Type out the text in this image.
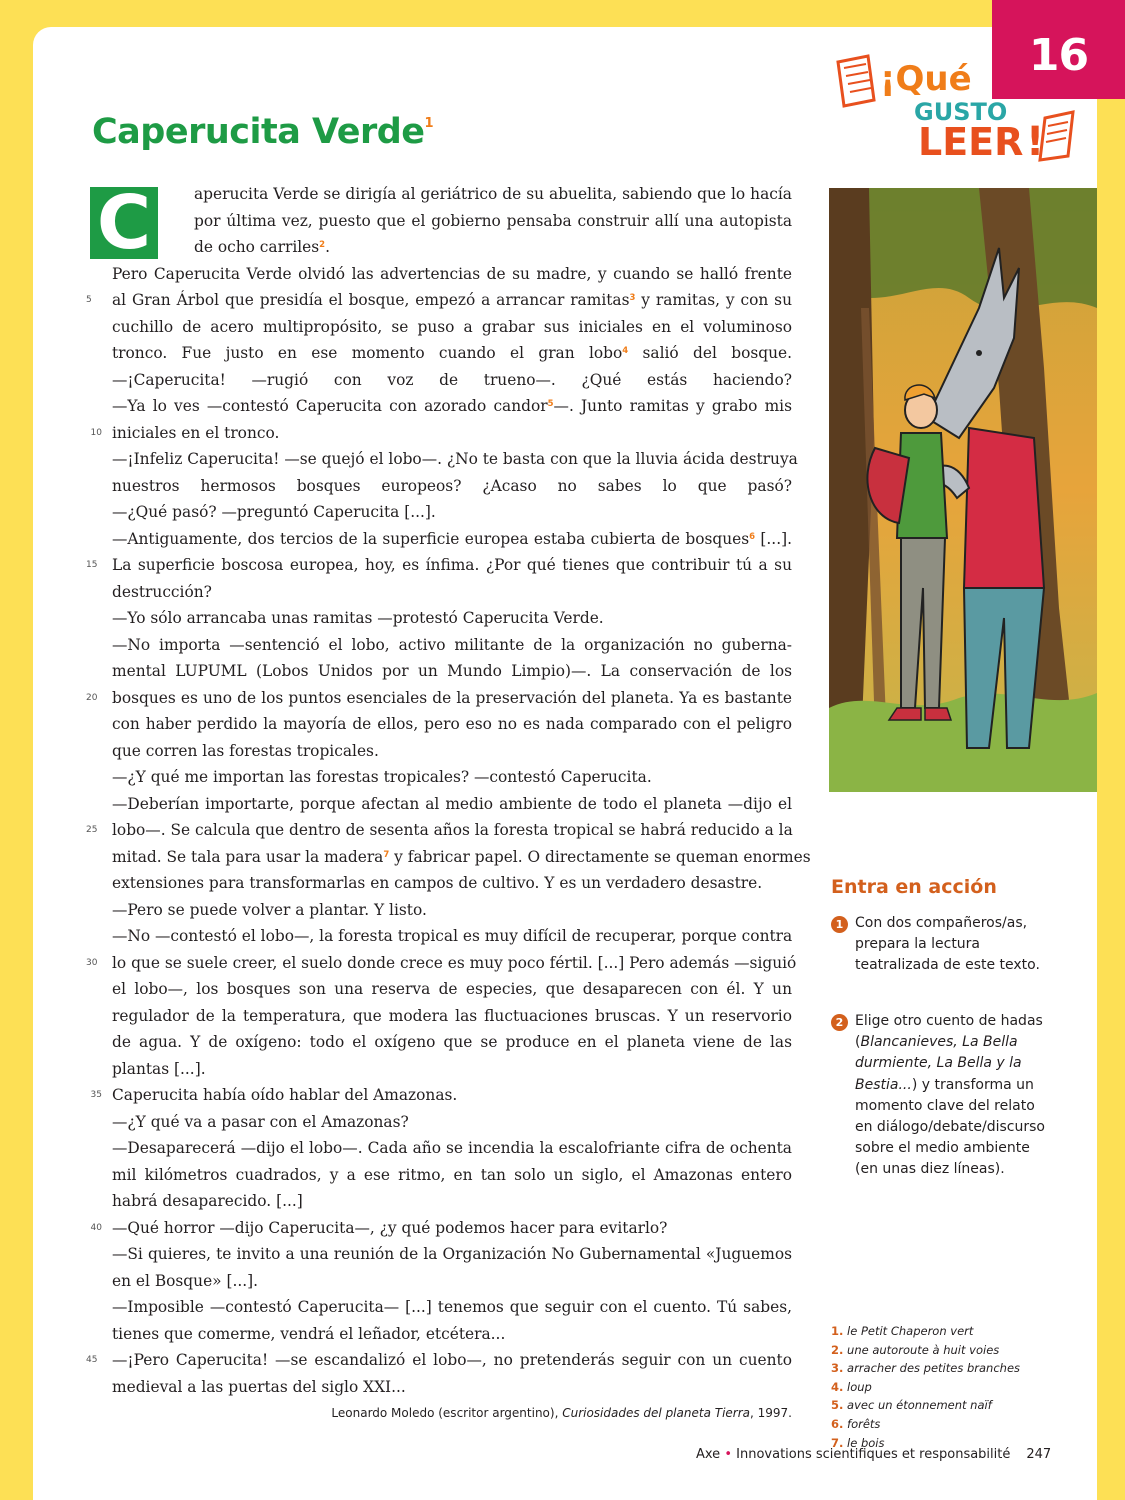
16
¡Qué
GUSTO
LEER !
Caperucita Verde$^1$
C	aperucita Verde se dirigía al geriátrico de su abuelita, sabiendo que lo hacía
por última vez, puesto que el gobierno pensaba construir allí una autopista
de ocho carriles$^2$.
Pero Caperucita Verde olvidó las advertencias de su madre, y cuando se halló frente
5	al Gran Árbol que presidía el bosque, empezó a arrancar ramitas$^3$ y ramitas, y con su
cuchillo de acero multipropósito, se puso a grabar sus iniciales en el voluminoso
tronco. Fue justo en ese momento cuando el gran lobo$^4$ salió del bosque.
—¡Caperucita! —rugió con voz de trueno—. ¿Qué estás haciendo?
—Ya lo ves —contestó Caperucita con azorado candor$^5$—. Junto ramitas y grabo mis
10 iniciales en el tronco.
—¡Infeliz Caperucita! —se quejó el lobo—. ¿No te basta con que la lluvia ácida destruya
nuestros hermosos bosques europeos? ¿Acaso no sabes lo que pasó?
—¿Qué pasó? —preguntó Caperucita [...].
—Antiguamente, dos tercios de la superficie europea estaba cubierta de bosques$^6$ [...].
15 La superficie boscosa europea, hoy, es ínfima. ¿Por qué tienes que contribuir tú a su
destrucción?
—Yo sólo arrancaba unas ramitas —protestó Caperucita Verde.
—No importa —sentenció el lobo, activo militante de la organización no guberna-
mental LUPUML (Lobos Unidos por un Mundo Limpio)—. La conservación de los
20 bosques es uno de los puntos esenciales de la preservación del planeta. Ya es bastante
con haber perdido la mayoría de ellos, pero eso no es nada comparado con el peligro
que corren las forestas tropicales.
—¿Y qué me importan las forestas tropicales? —contestó Caperucita.
—Deberían importarte, porque afectan al medio ambiente de todo el planeta —dijo el
25 lobo—. Se calcula que dentro de sesenta años la foresta tropical se habrá reducido a la
mitad. Se tala para usar la madera$^7$ y fabricar papel. O directamente se queman enormes
extensiones para transformarlas en campos de cultivo. Y es un verdadero desastre.
—Pero se puede volver a plantar. Y listo.
—No —contestó el lobo—, la foresta tropical es muy difícil de recuperar, porque contra
30 lo que se suele creer, el suelo donde crece es muy poco fértil. [...] Pero además —siguió
el lobo—, los bosques son una reserva de especies, que desaparecen con él. Y un
regulador de la temperatura, que modera las fluctuaciones bruscas. Y un reservorio
de agua. Y de oxígeno: todo el oxígeno que se produce en el planeta viene de las
plantas [...].
35 Caperucita había oído hablar del Amazonas.
—¿Y qué va a pasar con el Amazonas?
—Desaparecerá —dijo el lobo—. Cada año se incendia la escalofriante cifra de ochenta
mil kilómetros cuadrados, y a ese ritmo, en tan solo un siglo, el Amazonas entero
habrá desaparecido. [...]
40 —Qué horror —dijo Caperucita—, ¿y qué podemos hacer para evitarlo?
—Si quieres, te invito a una reunión de la Organización No Gubernamental «Juguemos
en el Bosque» [...].
—Imposible —contestó Caperucita— [...] tenemos que seguir con el cuento. Tú sabes,
tienes que comerme, vendrá el leñador, etcétera...
45 —¡Pero Caperucita! —se escandalizó el lobo—, no pretenderás seguir con un cuento
medieval a las puertas del siglo XXI...
Leonardo Moledo (escritor argentino), Curiosidades del planeta Tierra, 1997.
Entra en acción
1 Con dos compañeros/as, prepara la lectura teatralizada de este texto.
2 Elige otro cuento de hadas (Blancanieves, La Bella durmiente, La Bella y la Bestia...) y transforma un momento clave del relato en diálogo/debate/discurso sobre el medio ambiente (en unas diez líneas).
1. le Petit Chaperon vert
2. une autoroute à huit voies
3. arracher des petites branches
4. loup
5. avec un étonnement naïf
6. forêts
7. le bois
Axe • Innovations scientifiques et responsabilité 247
